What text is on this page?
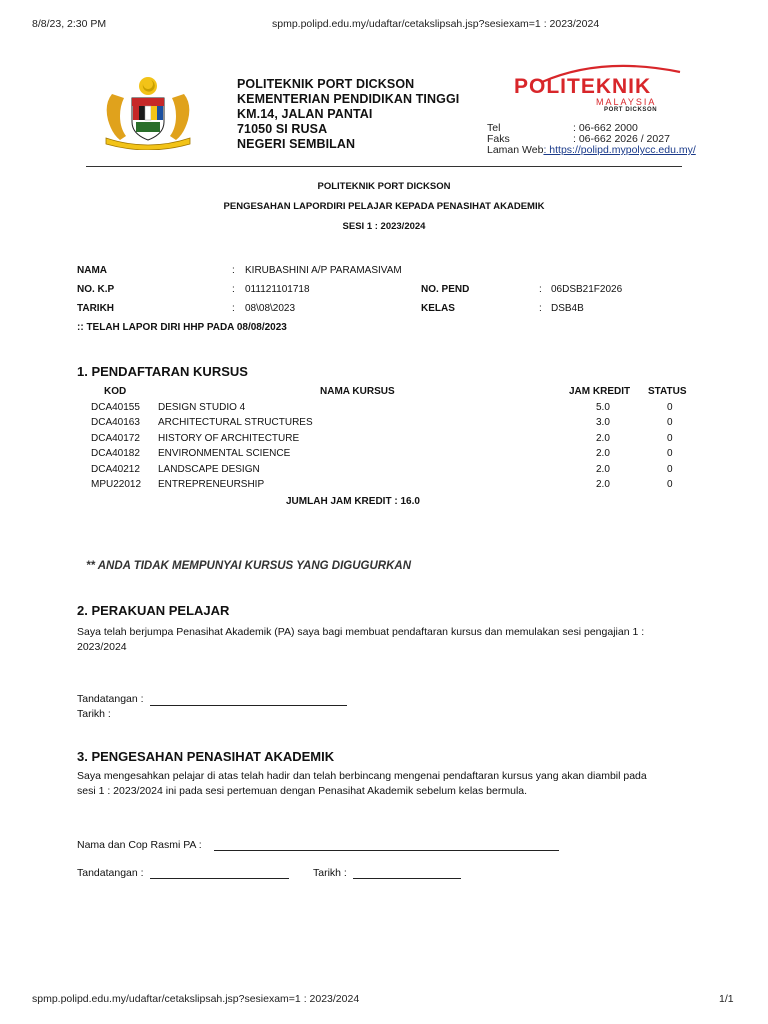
8/8/23, 2:30 PM	spmp.polipd.edu.my/udaftar/cetakslipsah.jsp?sesiexam=1 : 2023/2024
POLITEKNIK PORT DICKSON
KEMENTERIAN PENDIDIKAN TINGGI
KM.14, JALAN PANTAI
71050 SI RUSA
NEGERI SEMBILAN
POLITEKNIK
MALAYSIA
PORT DICKSON
Tel	: 06-662 2000
Faks	: 06-662 2026 / 2027
Laman Web: https://polipd.mypolycc.edu.my/
POLITEKNIK PORT DICKSON
PENGESAHAN LAPORDIRI PELAJAR KEPADA PENASIHAT AKADEMIK
SESI 1 : 2023/2024
NAMA	: KIRUBASHINI A/P PARAMASIVAM
NO. K.P	: 011121101718	NO. PEND	: 06DSB21F2026
TARIKH	: 08\08\2023	KELAS	: DSB4B
:: TELAH LAPOR DIRI HHP PADA 08/08/2023
1. PENDAFTARAN KURSUS
KOD	NAMA KURSUS	JAM KREDIT STATUS
DCA40155 DESIGN STUDIO 4	5.0	0
DCA40163 ARCHITECTURAL STRUCTURES	3.0	0
DCA40172 HISTORY OF ARCHITECTURE	2.0	0
DCA40182 ENVIRONMENTAL SCIENCE	2.0	0
DCA40212 LANDSCAPE DESIGN	2.0	0
MPU22012 ENTREPRENEURSHIP	2.0	0
JUMLAH JAM KREDIT : 16.0
** ANDA TIDAK MEMPUNYAI KURSUS YANG DIGUGURKAN
2. PERAKUAN PELAJAR
Saya telah berjumpa Penasihat Akademik (PA) saya bagi membuat pendaftaran kursus dan memulakan sesi pengajian 1 :
2023/2024
Tandatangan :
Tarikh :
3. PENGESAHAN PENASIHAT AKADEMIK
Saya mengesahkan pelajar di atas telah hadir dan telah berbincang mengenai pendaftaran kursus yang akan diambil pada
sesi 1 : 2023/2024 ini pada sesi pertemuan dengan Penasihat Akademik sebelum kelas bermula.
Nama dan Cop Rasmi PA :
Tandatangan :	Tarikh :
spmp.polipd.edu.my/udaftar/cetakslipsah.jsp?sesiexam=1 : 2023/2024	1/1
